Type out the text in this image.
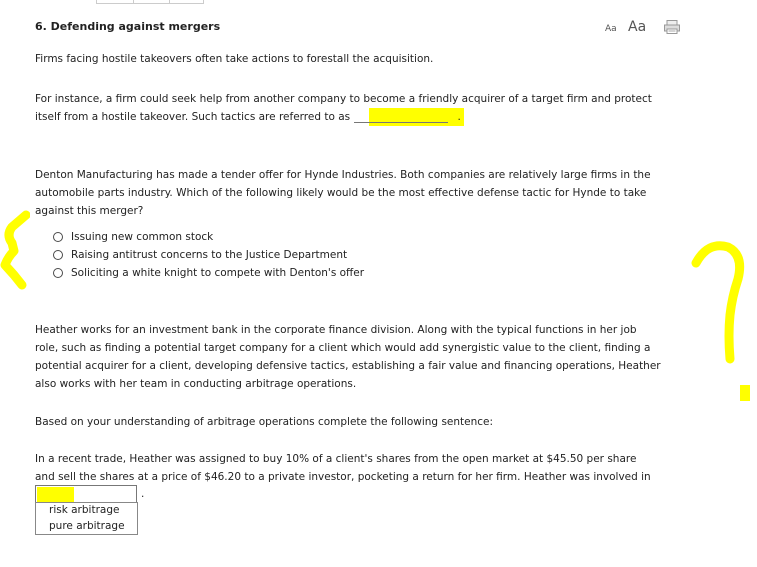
6. Defending against mergers	Aa Aa
Firms facing hostile takeovers often take actions to forestall the acquisition.
For instance, a firm could seek help from another company to become a friendly acquirer of a target firm and protect
itself from a hostile takeover. Such tactics are referred to as	.
Denton Manufacturing has made a tender offer for Hynde Industries. Both companies are relatively large firms in the
automobile parts industry. Which of the following likely would be the most effective defense tactic for Hynde to take
against this merger?
Issuing new common stock
Raising antitrust concerns to the Justice Department
Soliciting a white knight to compete with Denton's offer
Heather works for an investment bank in the corporate finance division. Along with the typical functions in her job
role, such as finding a potential target company for a client which would add synergistic value to the client, finding a
potential acquirer for a client, developing defensive tactics, establishing a fair value and financing operations, Heather
also works with her team in conducting arbitrage operations.
Based on your understanding of arbitrage operations complete the following sentence:
In a recent trade, Heather was assigned to buy 10% of a client's shares from the open market at $45.50 per share
and sell the shares at a price of $46.20 to a private investor, pocketing a return for her firm. Heather was involved in
.
risk arbitrage
pure arbitrage
